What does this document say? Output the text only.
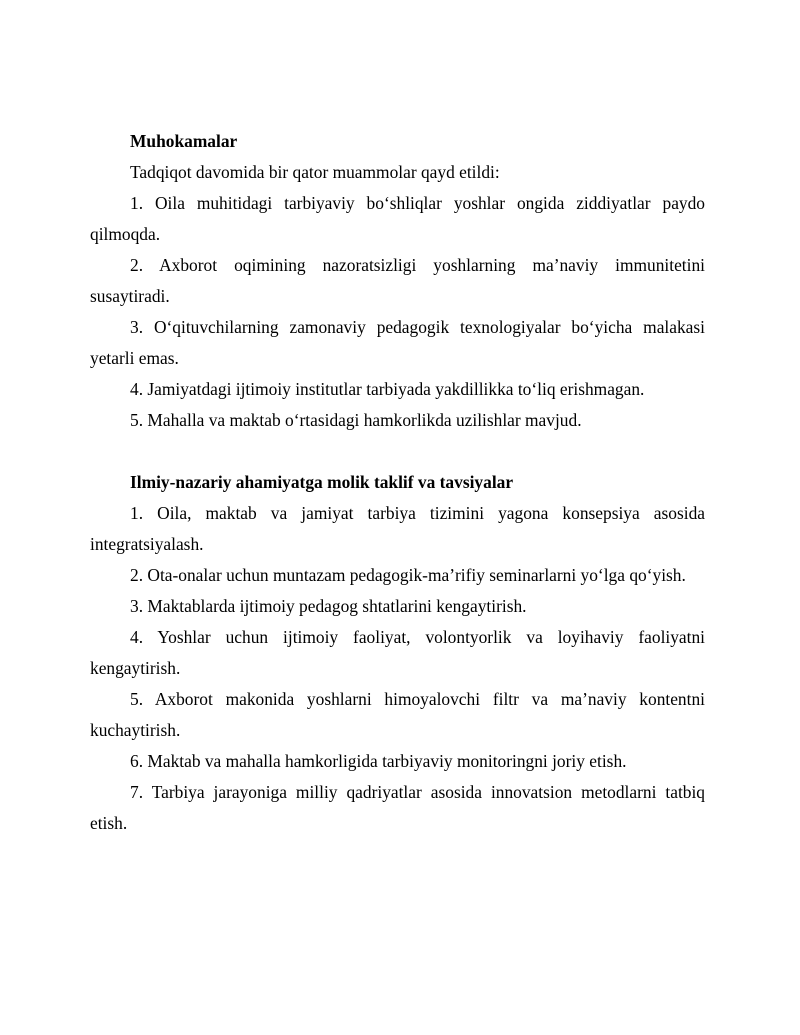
Muhokamalar

Tadqiqot davomida bir qator muammolar qayd etildi:

1. Oila muhitidagi tarbiyaviy bo‘shliqlar yoshlar ongida ziddiyatlar paydo qilmoqda.

2. Axborot oqimining nazoratsizligi yoshlarning ma’naviy immunitetini susaytiradi.

3. O‘qituvchilarning zamonaviy pedagogik texnologiyalar bo‘yicha malakasi yetarli emas.

4. Jamiyatdagi ijtimoiy institutlar tarbiyada yakdillikka to‘liq erishmagan.

5. Mahalla va maktab o‘rtasidagi hamkorlikda uzilishlar mavjud.

Ilmiy-nazariy ahamiyatga molik taklif va tavsiyalar

1. Oila, maktab va jamiyat tarbiya tizimini yagona konsepsiya asosida integratsiyalash.

2. Ota-onalar uchun muntazam pedagogik-ma’rifiy seminarlarni yo‘lga qo‘yish.

3. Maktablarda ijtimoiy pedagog shtatlarini kengaytirish.

4. Yoshlar uchun ijtimoiy faoliyat, volontyorlik va loyihaviy faoliyatni kengaytirish.

5. Axborot makonida yoshlarni himoyalovchi filtr va ma’naviy kontentni kuchaytirish.

6. Maktab va mahalla hamkorligida tarbiyaviy monitoringni joriy etish.

7. Tarbiya jarayoniga milliy qadriyatlar asosida innovatsion metodlarni tatbiq etish.
